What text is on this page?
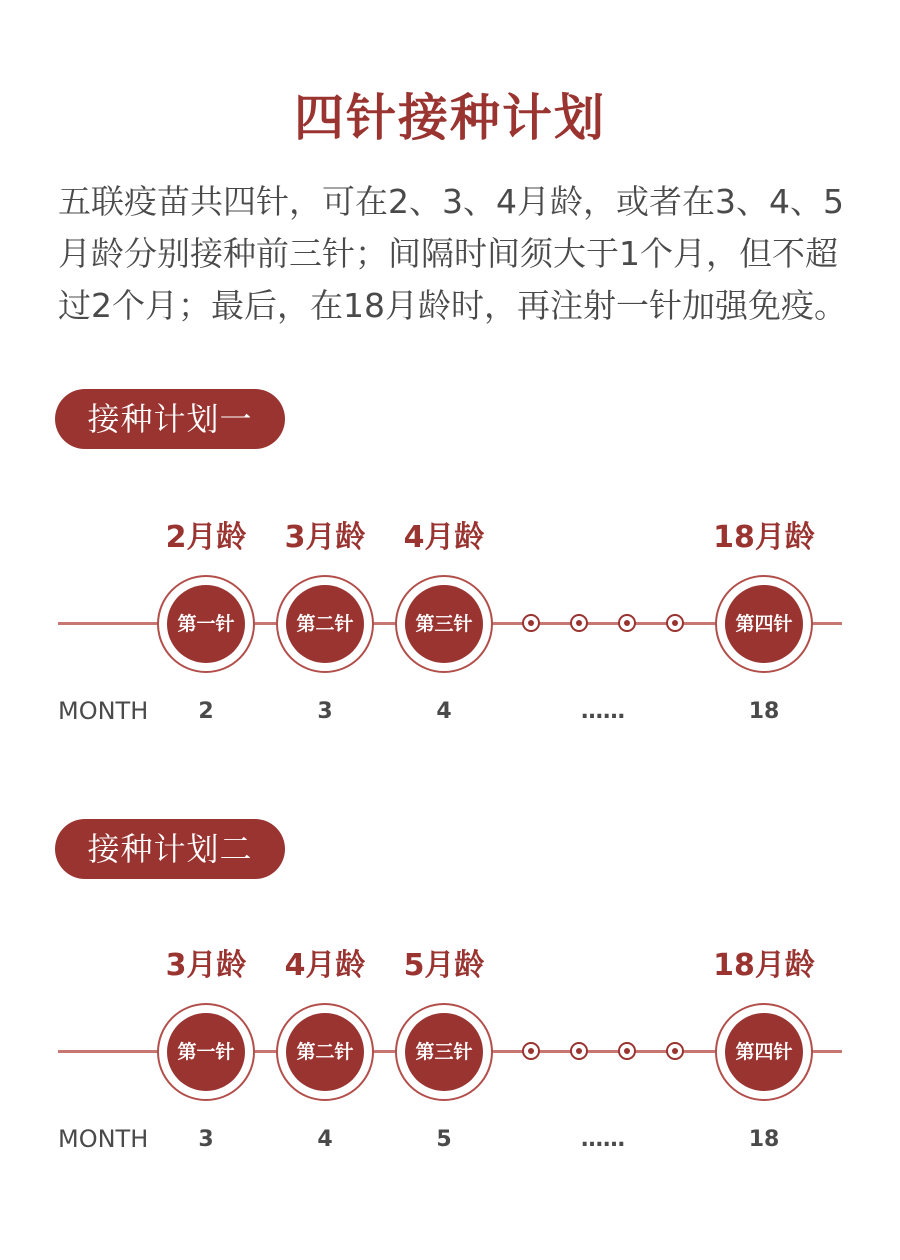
四针接种计划

五联疫苗共四针，可在2、3、4月龄，或者在3、4、5月龄分别接种前三针；间隔时间须大于1个月，但不超过2个月；最后，在18月龄时，再注射一针加强免疫。

接种计划一
2月龄	3月龄	4月龄	18月龄
第一针	第二针	第三针	第四针
MONTH	2	3	4	……	18
接种计划二
3月龄	4月龄	5月龄	18月龄
第一针	第二针	第三针	第四针
MONTH	3	4	5	……	18
